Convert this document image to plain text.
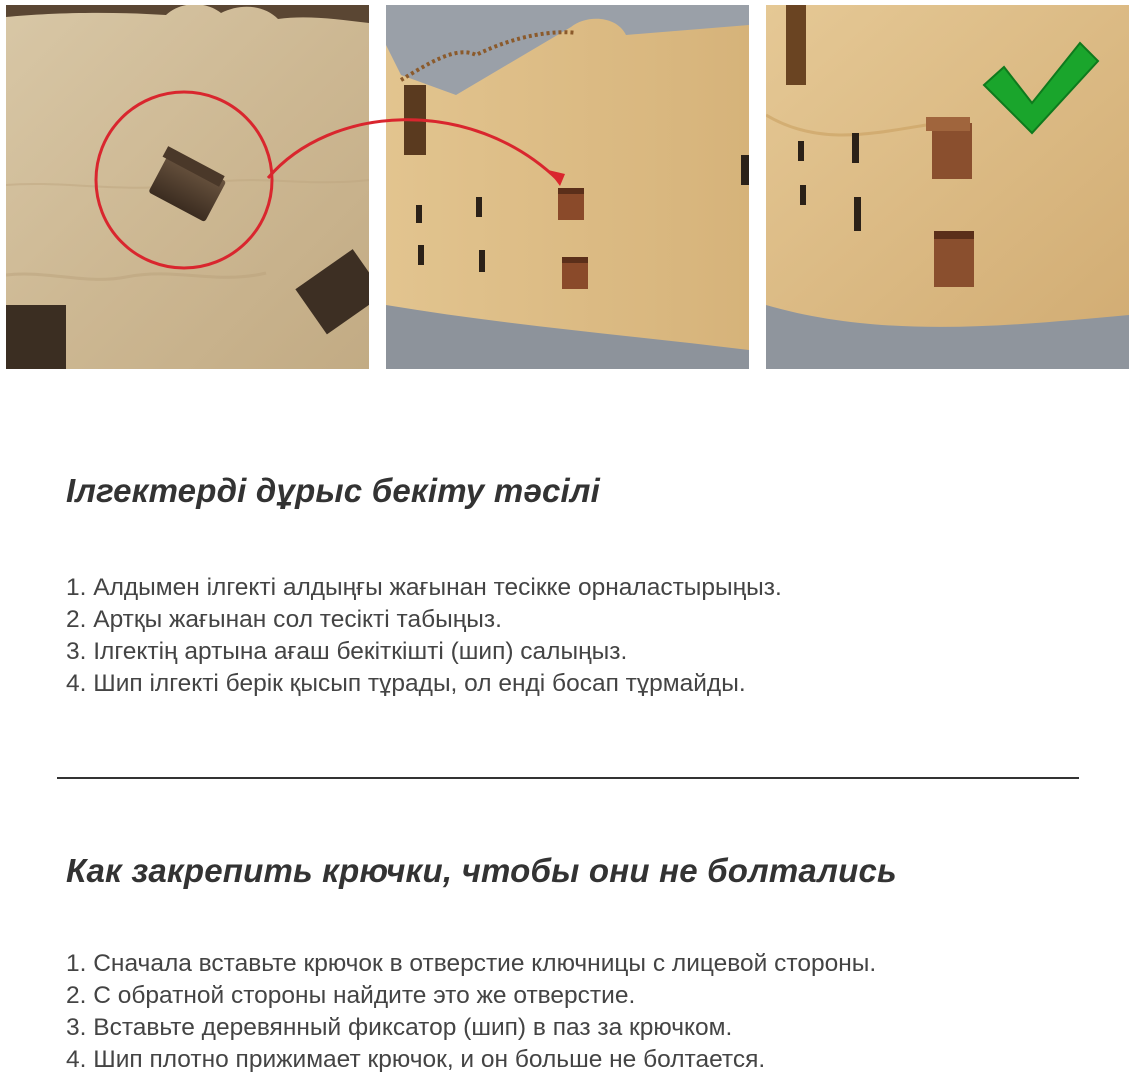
Ілгектерді дұрыс бекіту тәсілі
1. Алдымен ілгекті алдыңғы жағынан тесікке орналастырыңыз.
2. Артқы жағынан сол тесікті табыңыз.
3. Ілгектің артына ағаш бекіткішті (шип) салыңыз.
4. Шип ілгекті берік қысып тұрады, ол енді босап тұрмайды.
Как закрепить крючки, чтобы они не болтались
1. Сначала вставьте крючок в отверстие ключницы с лицевой стороны.
2. С обратной стороны найдите это же отверстие.
3. Вставьте деревянный фиксатор (шип) в паз за крючком.
4. Шип плотно прижимает крючок, и он больше не болтается.
